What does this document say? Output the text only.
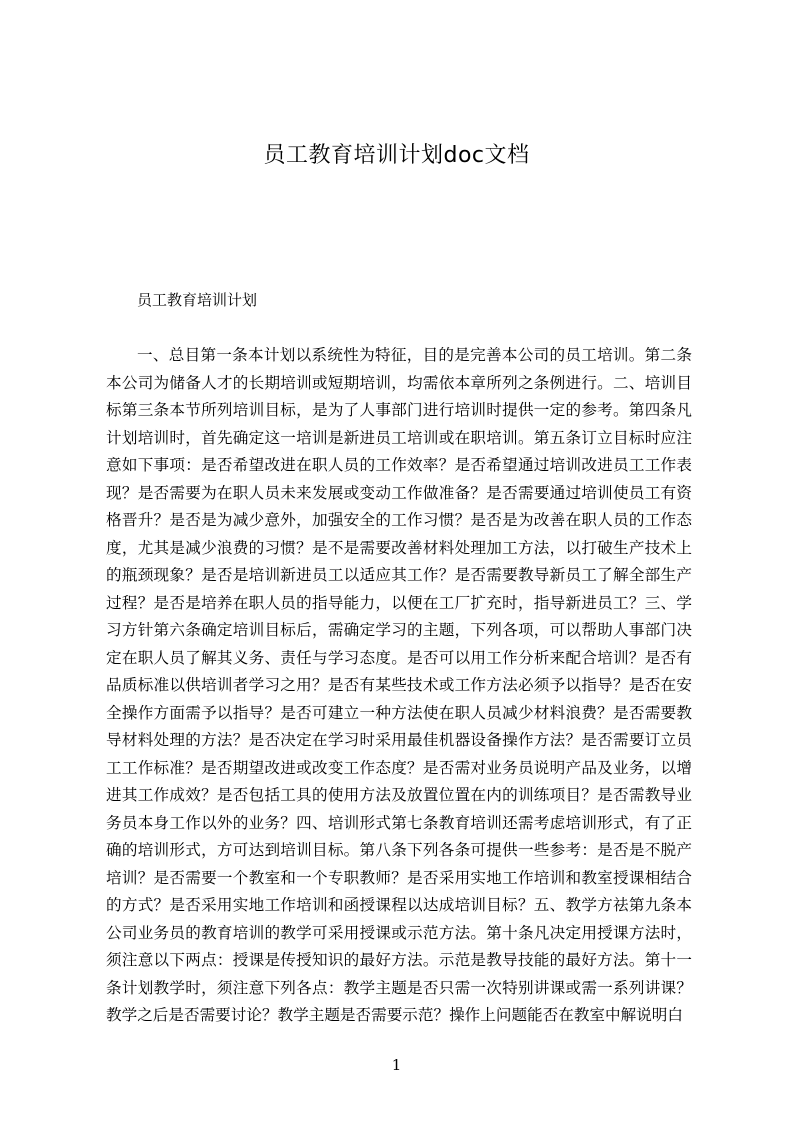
员工教育培训计划doc文档
员工教育培训计划

一、总目第一条本计划以系统性为特征，目的是完善本公司的员工培训。第二条本公司为储备人才的长期培训或短期培训，均需依本章所列之条例进行。二、培训目标第三条本节所列培训目标，是为了人事部门进行培训时提供一定的参考。第四条凡计划培训时，首先确定这一培训是新进员工培训或在职培训。第五条订立目标时应注意如下事项：是否希望改进在职人员的工作效率？是否希望通过培训改进员工工作表现？是否需要为在职人员未来发展或变动工作做准备？是否需要通过培训使员工有资格晋升？是否是为减少意外，加强安全的工作习惯？是否是为改善在职人员的工作态度，尤其是减少浪费的习惯？是不是需要改善材料处理加工方法，以打破生产技术上的瓶颈现象？是否是培训新进员工以适应其工作？是否需要教导新员工了解全部生产过程？是否是培养在职人员的指导能力，以便在工厂扩充时，指导新进员工？三、学习方针第六条确定培训目标后，需确定学习的主题，下列各项，可以帮助人事部门决定在职人员了解其义务、责任与学习态度。是否可以用工作分析来配合培训？是否有品质标准以供培训者学习之用？是否有某些技术或工作方法必须予以指导？是否在安全操作方面需予以指导？是否可建立一种方法使在职人员减少材料浪费？是否需要教导材料处理的方法？是否决定在学习时采用最佳机器设备操作方法？是否需要订立员工工作标准？是否期望改进或改变工作态度？是否需对业务员说明产品及业务，以增进其工作成效？是否包括工具的使用方法及放置位置在内的训练项目？是否需教导业务员本身工作以外的业务？四、培训形式第七条教育培训还需考虑培训形式，有了正确的培训形式，方可达到培训目标。第八条下列各条可提供一些参考：是否是不脱产培训？是否需要一个教室和一个专职教师？是否采用实地工作培训和教室授课相结合的方式？是否采用实地工作培训和函授课程以达成培训目标？五、教学方祛第九条本公司业务员的教育培训的教学可采用授课或示范方法。第十条凡决定用授课方法时，须注意以下两点：授课是传授知识的最好方法。示范是教导技能的最好方法。第十一条计划教学时，须注意下列各点：教学主题是否只需一次特别讲课或需一系列讲课？教学之后是否需要讨论？教学主题是否需要示范？操作上问题能否在教室中解说明白

1
